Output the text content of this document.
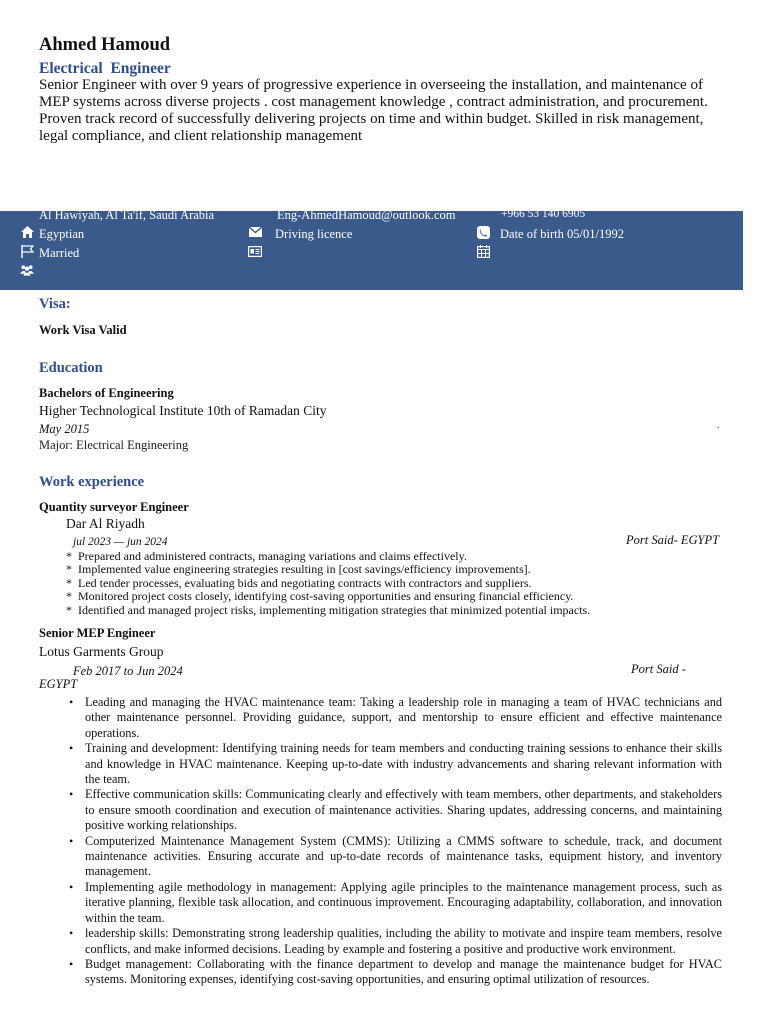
Ahmed Hamoud
Electrical  Engineer
Senior Engineer with over 9 years of progressive experience in overseeing the installation, and maintenance of MEP systems across diverse projects . cost management knowledge , contract administration, and procurement. Proven track record of successfully delivering projects on time and within budget. Skilled in risk management, legal compliance, and client relationship management
Al Hawiyah, Al Ta'if, Saudi Arabia	Eng-AhmedHamoud@outlook.com	+966 53 140 6905
Egyptian	Driving licence	Date of birth 05/01/1992
Married
Visa:
Work Visa Valid
Education
Bachelors of Engineering
Higher Technological Institute 10th of Ramadan City
May 2015	.
Major: Electrical Engineering
Work experience
Quantity surveyor Engineer
Dar Al Riyadh
jul 2023 — jun 2024	Port Said- EGYPT
* Prepared and administered contracts, managing variations and claims effectively.
* Implemented value engineering strategies resulting in [cost savings/efficiency improvements].
* Led tender processes, evaluating bids and negotiating contracts with contractors and suppliers.
* Monitored project costs closely, identifying cost-saving opportunities and ensuring financial efficiency.
* Identified and managed project risks, implementing mitigation strategies that minimized potential impacts.
Senior MEP Engineer
Lotus Garments Group
Feb 2017 to Jun 2024	Port Said -
EGYPT
• Leading and managing the HVAC maintenance team: Taking a leadership role in managing a team of HVAC technicians and other maintenance personnel. Providing guidance, support, and mentorship to ensure efficient and effective maintenance operations.
• Training and development: Identifying training needs for team members and conducting training sessions to enhance their skills and knowledge in HVAC maintenance. Keeping up-to-date with industry advancements and sharing relevant information with the team.
• Effective communication skills: Communicating clearly and effectively with team members, other departments, and stakeholders to ensure smooth coordination and execution of maintenance activities. Sharing updates, addressing concerns, and maintaining positive working relationships.
• Computerized Maintenance Management System (CMMS): Utilizing a CMMS software to schedule, track, and document maintenance activities. Ensuring accurate and up-to-date records of maintenance tasks, equipment history, and inventory management.
• Implementing agile methodology in management: Applying agile principles to the maintenance management process, such as iterative planning, flexible task allocation, and continuous improvement. Encouraging adaptability, collaboration, and innovation within the team.
• leadership skills: Demonstrating strong leadership qualities, including the ability to motivate and inspire team members, resolve conflicts, and make informed decisions. Leading by example and fostering a positive and productive work environment.
• Budget management: Collaborating with the finance department to develop and manage the maintenance budget for HVAC systems. Monitoring expenses, identifying cost-saving opportunities, and ensuring optimal utilization of resources.
